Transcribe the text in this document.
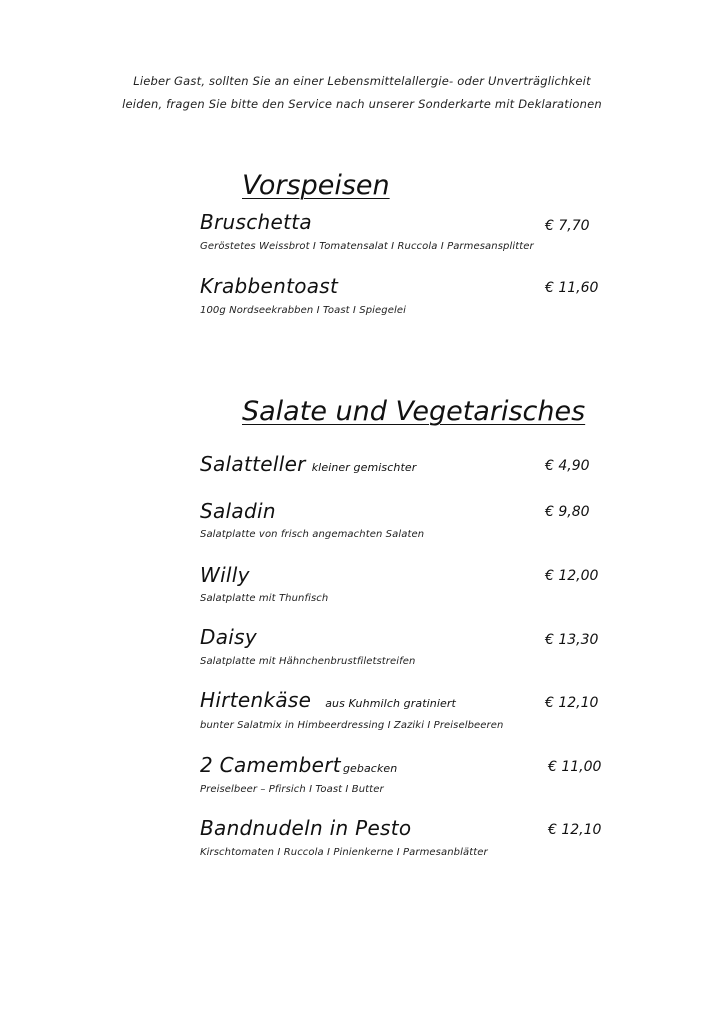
Lieber Gast, sollten Sie an einer Lebensmittelallergie- oder Unverträglichkeit
leiden, fragen Sie bitte den Service nach unserer Sonderkarte mit Deklarationen
Vorspeisen
Bruschetta	€ 7,70
Geröstetes Weissbrot I Tomatensalat I Ruccola I Parmesansplitter
Krabbentoast	€ 11,60
100g Nordseekrabben I Toast I Spiegelei
Salate und Vegetarisches
Salatteller kleiner gemischter	€ 4,90
Saladin	€ 9,80
Salatplatte von frisch angemachten Salaten
Willy	€ 12,00
Salatplatte mit Thunfisch
Daisy	€ 13,30
Salatplatte mit Hähnchenbrustfiletstreifen
Hirtenkäse aus Kuhmilch gratiniert	€ 12,10
bunter Salatmix in Himbeerdressing I Zaziki I Preiselbeeren
2 Camembert gebacken	€ 11,00
Preiselbeer – Pfirsich I Toast I Butter
Bandnudeln in Pesto	€ 12,10
Kirschtomaten I Ruccola I Pinienkerne I Parmesanblätter
